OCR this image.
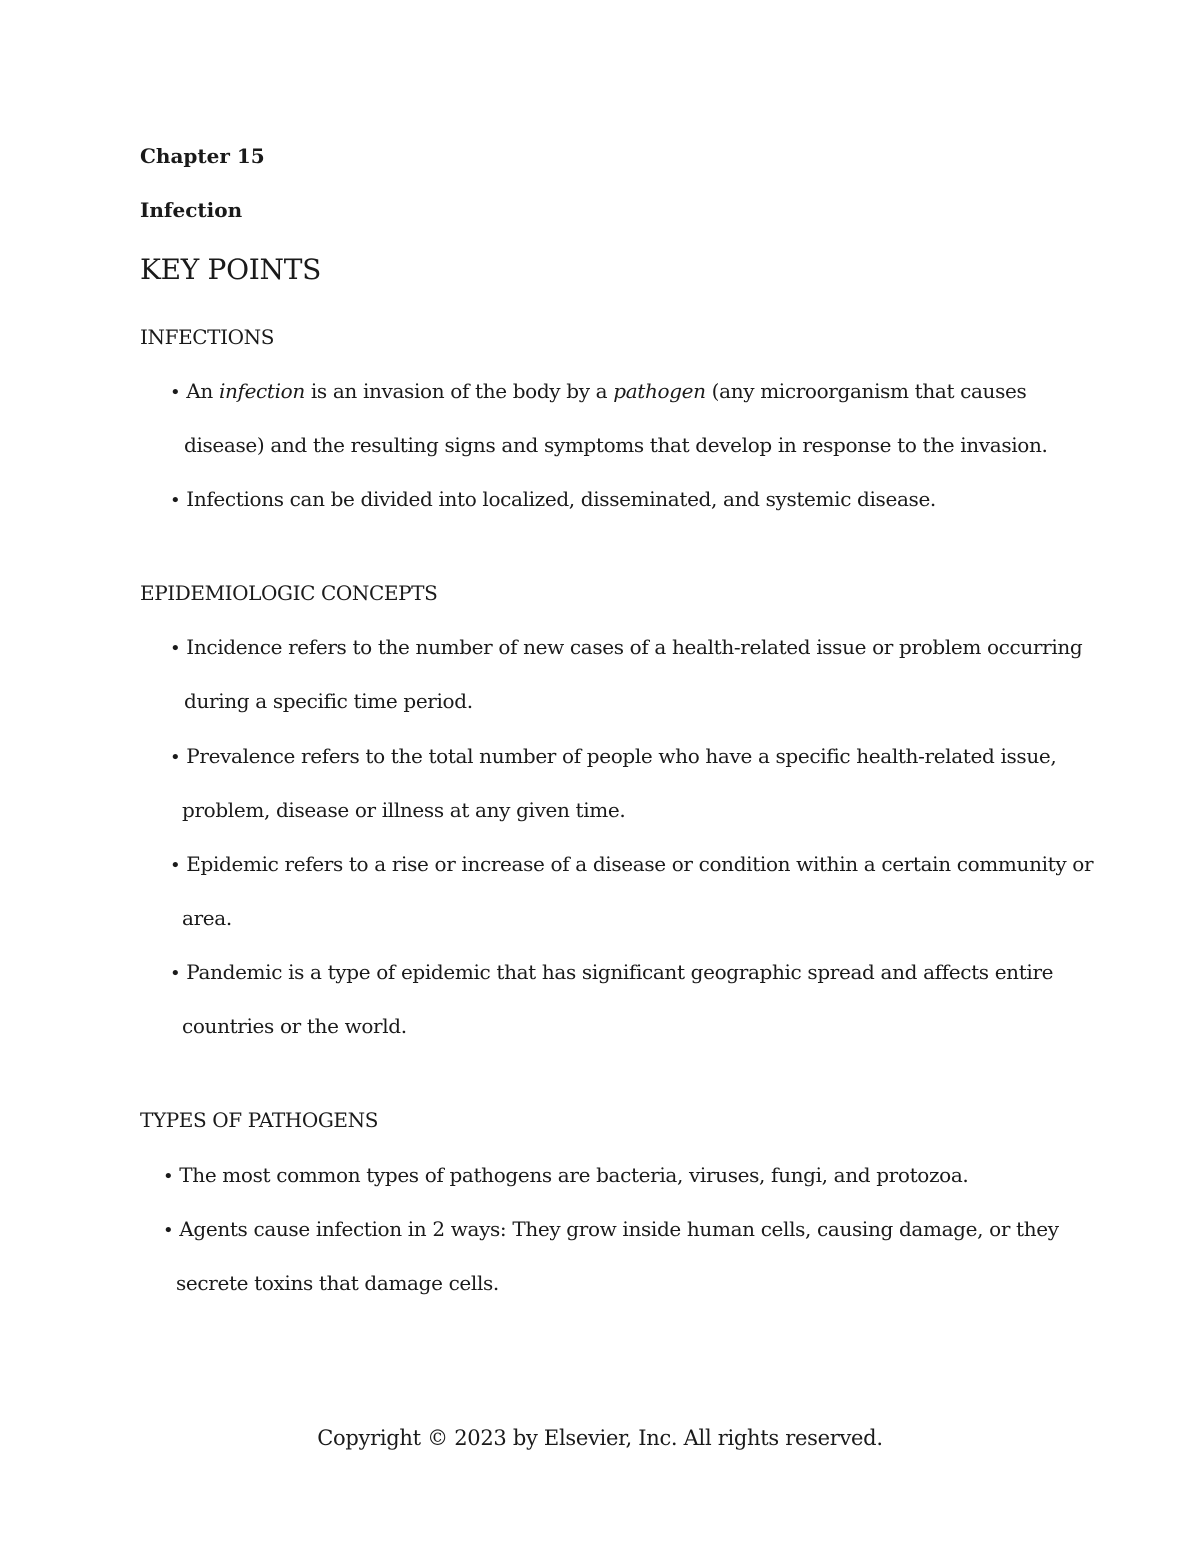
Chapter 15
Infection
KEY POINTS
INFECTIONS
• An infection is an invasion of the body by a pathogen (any microorganism that causes
disease) and the resulting signs and symptoms that develop in response to the invasion.
• Infections can be divided into localized, disseminated, and systemic disease.
EPIDEMIOLOGIC CONCEPTS
• Incidence refers to the number of new cases of a health-related issue or problem occurring
during a specific time period.
• Prevalence refers to the total number of people who have a specific health-related issue,
problem, disease or illness at any given time.
• Epidemic refers to a rise or increase of a disease or condition within a certain community or
area.
• Pandemic is a type of epidemic that has significant geographic spread and affects entire
countries or the world.
TYPES OF PATHOGENS
• The most common types of pathogens are bacteria, viruses, fungi, and protozoa.
• Agents cause infection in 2 ways: They grow inside human cells, causing damage, or they
secrete toxins that damage cells.
Copyright © 2023 by Elsevier, Inc. All rights reserved.
